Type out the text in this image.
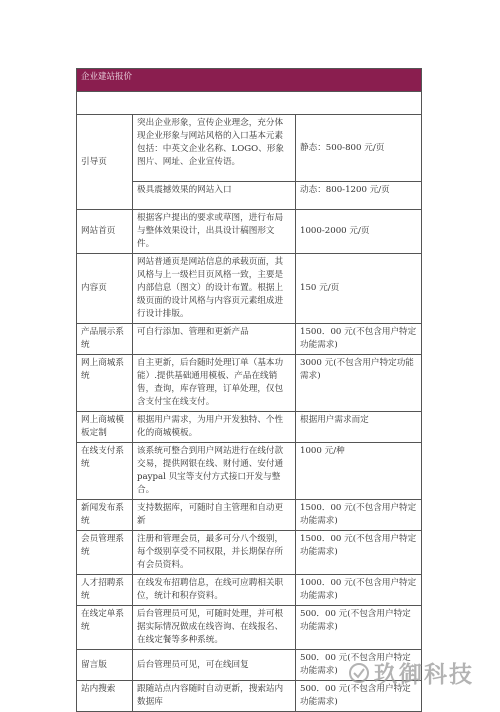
企业建站报价		

引导页	突出企业形象，宣传企业理念，充分体现企业形象与网站风格的入口基本元素包括：中英文企业名称、LOGO、形象图片、网址、企业宣传语。	静态：500-800 元/页
	极具震撼效果的网站入口	动态：800-1200 元/页
网站首页	根据客户提出的要求或草图，进行布局与整体效果设计，出具设计稿图形文件。	1000-2000 元/页
内容页	网站普通页是网站信息的承载页面，其风格与上一级栏目页风格一致，主要是内部信息（图文）的设计布置。根据上级页面的设计风格与内容页元素组成进行设计排版。	150 元/页
产品展示系统	可自行添加、管理和更新产品	1500．00 元(不包含用户特定功能需求)
网上商城系统	自主更新，后台随时处理订单（基本功能）.提供基础通用模板、产品在线销售，查询，库存管理，订单处理，仅包含支付宝在线支付。	3000 元(不包含用户特定功能需求)
网上商城模板定制	根据用户需求，为用户开发独特、个性化的商城模板。	根据用户需求而定
在线支付系统	该系统可整合到用户网站进行在线付款交易，提供网银在线、财付通、安付通 paypal 贝宝等支付方式接口开发与整合。	1000 元/种
新闻发布系统	支持数据库，可随时自主管理和自动更新	1500．00 元(不包含用户特定功能需求)
会员管理系统	注册和管理会员，最多可分八个级别，每个级别享受不同权限，并长期保存所有会员资料。	1500．00 元(不包含用户特定功能需求)
人才招聘系统	在线发布招聘信息，在线可应聘相关职位，统计和积存资料。	1000．00 元(不包含用户特定功能需求)
在线定单系统	后台管理员可见，可随时处理，并可根据实际情况做成在线咨询、在线报名、在线定餐等多种系统。	500．00 元(不包含用户特定功能需求)
留言版	后台管理员可见，可在线回复	500．00 元(不包含用户特定功能需求)
站内搜索	跟随站点内容随时自动更新，搜索站内数据库	500．00 元(不包含用户特定功能需求)
玖御科技
